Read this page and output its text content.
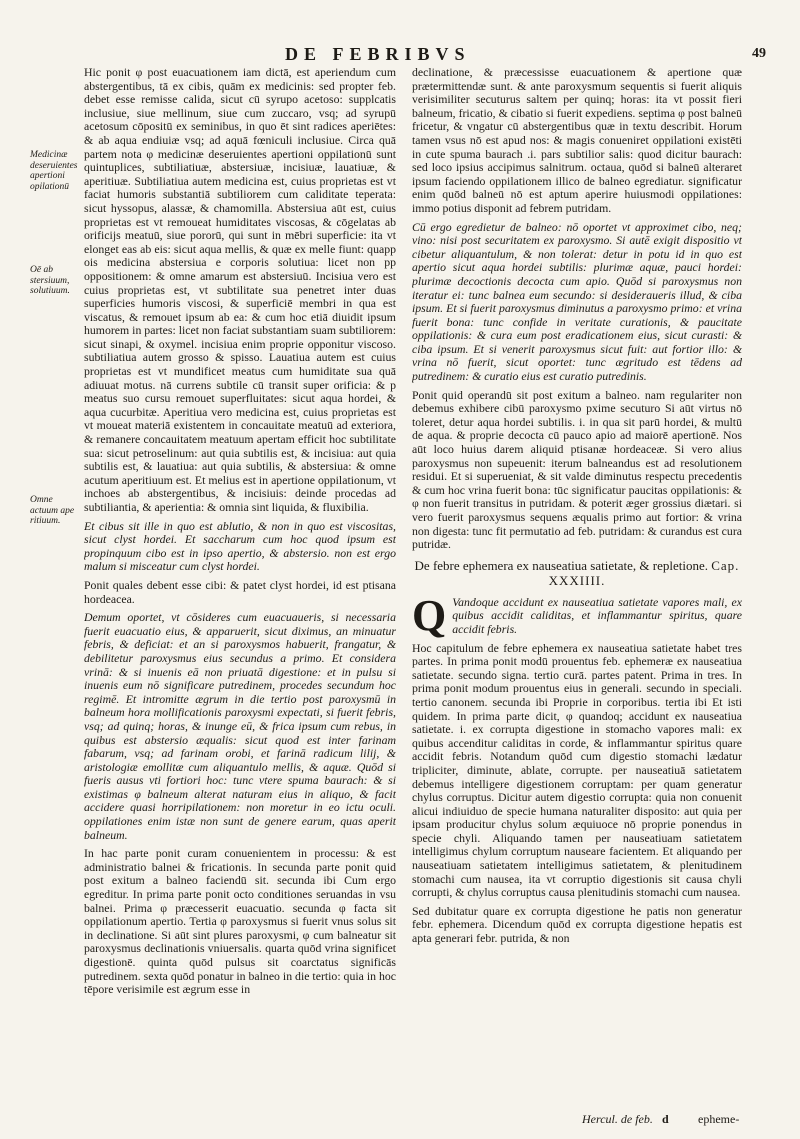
DE FEBRIBVS	49
Medicinæ deseruientes apertioni opilationū
Oē ab stersiuum, solutiuum.
Omne actuum ape ritiuum.

Hic ponit φ post euacuationem iam dictā, est aperiendum cum abstergentibus, tā ex cibis, quām ex medicinis: sed propter feb. debet esse remisse calida, sicut cū syrupo acetoso: supplcatis inclusiue, siue mellinum, siue cum zuccaro, vsq; ad syrupū acetosum cōpositū ex seminibus, in quo ēt sint radices aperiētes: & ab aqua endiuiæ vsq; ad aquā fœniculi inclusiue. Circa quā partem nota φ medicinæ deseruientes apertioni oppilationū sunt quintuplices, subtiliatiuæ, abstersiuæ, incisiuæ, lauatiuæ, & aperitiuæ. Subtiliatiua autem medicina est, cuius proprietas est vt faciat humoris substantiā subtiliorem cum caliditate teperata: sicut hyssopus, alassæ, & chamomilla. Abstersiua aūt est, cuius proprietas est vt remoueat humiditates viscosas, & cōgelatas ab orificijs meatuū, siue pororū, qui sunt in mēbri superficie: ita vt elonget eas ab eis: sicut aqua mellis, & quæ ex melle fiunt: quapp ois medicina abstersiua e corporis solutiua: licet non pp oppositionem: & omne amarum est abstersiuū. Incisiua vero est cuius proprietas est, vt subtilitate sua penetret inter duas superficies humoris viscosi, & superficiē membri in qua est viscatus, & remouet ipsum ab ea: & cum hoc etiā diuidit ipsum humorem in partes: licet non faciat substantiam suam subtiliorem: sicut sinapi, & oxymel. incisiua enim proprie opponitur viscoso. subtiliatiua autem grosso & spisso. Lauatiua autem est cuius proprietas est vt mundificet meatus cum humiditate sua quā adiuuat motus. nā currens subtile cū transit super orificia: & p meatus suo cursu remouet superfluitates: sicut aqua hordei, & aqua cucurbitæ. Aperitiua vero medicina est, cuius proprietas est vt moueat materiā existentem in concauitate meatuū ad exteriora, & remanere concauitatem meatuum apertam efficit hoc subtilitate sua: sicut petroselinum: aut quia subtilis est, & incisiua: aut quia subtilis est, & lauatiua: aut quia subtilis, & abstersiua: & omne acutum aperitiuum est. Et melius est in apertione oppilationum, vt inchoes ab abstergentibus, & incisiuis: deinde procedas ad subtiliantia, & aperientia: & omnia sint liquida, & fluxibilia.

Et cibus sit ille in quo est ablutio, & non in quo est viscositas, sicut clyst hordei. Et saccharum cum hoc quod ipsum est propinquum cibo est in ipso apertio, & abstersio. non est ergo malum si misceatur cum clyst hordei.

Ponit quales debent esse cibi: & patet clyst hordei, id est ptisana hordeacea.

Demum oportet, vt cōsideres cum euacuaueris, si necessaria fuerit euacuatio eius, & apparuerit, sicut diximus, an minuatur febris, & deficiat: et an si paroxysmos habuerit, frangatur, & debilitetur paroxysmus eius secundus a primo. Et considera vrinā: & si inuenis eā non priuatā digestione: et in pulsu si inuenis eum nō significare putredinem, procedes secundum hoc regimē. Et intromitte ægrum in die tertio post paroxysmū in balneum hora mollificationis paroxysmi expectati, si fuerit febris, vsq; ad quinq; horas, & inunge eū, & frica ipsum cum rebus, in quibus est abstersio æqualis: sicut quod est inter farinam fabarum, vsq; ad farinam orobi, et farinā radicum lilij, & aristologiæ emollitæ cum aliquantulo mellis, & aquæ. Quōd si fueris ausus vti fortiori hoc: tunc vtere spuma baurach: & si existimas φ balneum alterat naturam eius in aliquo, & facit accidere quasi horripilationem: non moretur in eo ictu oculi. oppilationes enim istæ non sunt de genere earum, quas aperit balneum.

In hac parte ponit curam conuenientem in processu: & est administratio balnei & fricationis. In secunda parte ponit quid post exitum a balneo faciendū sit. secunda ibi Cum ergo egreditur. In prima parte ponit octo conditiones seruandas in vsu balnei. Prima φ præcesserit euacuatio. secunda φ facta sit oppilationum apertio. Tertia φ paroxysmus si fuerit vnus solus sit in declinatione. Si aūt sint plures paroxysmi, φ cum balneatur sit paroxysmus declinationis vniuersalis. quarta quōd vrina significet digestionē. quinta quōd pulsus sit coarctatus significās putredinem. sexta quōd ponatur in balneo in die tertio: quia in hoc tēpore verisimile est ægrum esse in

declinatione, & præcessisse euacuationem & apertione quæ prætermittendæ sunt. & ante paroxysmum sequentis si fuerit aliquis verisimiliter secuturus saltem per quinq; horas: ita vt possit fieri balneum, fricatio, & cibatio si fuerit expediens. septima φ post balneū fricetur, & vngatur cū abstergentibus quæ in textu describit. Horum tamen vsus nō est apud nos: & magis conueniret oppilationi existēti in cute spuma baurach .i. pars subtilior salis: quod dicitur baurach: sed loco ipsius accipimus salnitrum. octaua, quōd si balneū alteraret ipsum faciendo oppilationem illico de balneo egrediatur. significatur enim quōd balneū nō est aptum aperire huiusmodi oppilationes: immo potius disponit ad febrem putridam.

Cū ergo egredietur de balneo: nō oportet vt approximet cibo, neq; vino: nisi post securitatem ex paroxysmo. Si autē exigit dispositio vt cibetur aliquantulum, & non tolerat: detur in potu id in quo est apertio sicut aqua hordei subtilis: plurimæ aquæ, pauci hordei: plurimæ decoctionis decocta cum apio. Quōd si paroxysmus non iteratur ei: tunc balnea eum secundo: si desideraueris illud, & ciba ipsum. Et si fuerit paroxysmus diminutus a paroxysmo primo: et vrina fuerit bona: tunc confide in veritate curationis, & paucitate oppilationis: & cura eum post eradicationem eius, sicut curasti: & ciba ipsum. Et si venerit paroxysmus sicut fuit: aut fortior illo: & vrina nō fuerit, sicut oportet: tunc ægritudo est tēdens ad putredinem: & curatio eius est curatio putredinis.

Ponit quid operandū sit post exitum a balneo. nam regulariter non debemus exhibere cibū paroxysmo pxime secuturo Si aūt virtus nō toleret, detur aqua hordei subtilis. i. in qua sit parū hordei, & multū de aqua. & proprie decocta cū pauco apio ad maiorē apertionē. Nos aūt loco huius darem aliquid ptisanæ hordeaceæ. Si vero alius paroxysmus non supeuenit: iterum balneandus est ad resolutionem residui. Et si superueniat, & sit valde diminutus respectu precedentis & cum hoc vrina fuerit bona: tūc significatur paucitas oppilationis: & φ non fuerit transitus in putridam. & poterit æger grossius diætari. si vero fuerit paroxysmus sequens æqualis primo aut fortior: & vrina non digesta: tunc fit permutatio ad feb. putridam: & curandus est cura putridæ.

De febre ephemera ex nauseatiua satietate, & repletione. Cap. XXXIIII.

Q Vandoque accidunt ex nauseatiua satietate vapores mali, ex quibus accidit caliditas, et inflammantur spiritus, quare accidit febris.

Hoc capitulum de febre ephemera ex nauseatiua satietate habet tres partes. In prima ponit modū prouentus feb. ephemeræ ex nauseatiua satietate. secundo signa. tertio curā. partes patent. Prima in tres. In prima ponit modum prouentus eius in generali. secundo in speciali. tertio canonem. secunda ibi Proprie in corporibus. tertia ibi Et isti quidem. In prima parte dicit, φ quandoq; accidunt ex nauseatiua satietate. i. ex corrupta digestione in stomacho vapores mali: ex quibus accenditur caliditas in corde, & inflammantur spiritus quare accidit febris. Notandum quōd cum digestio stomachi lædatur tripliciter, diminute, ablate, corrupte. per nauseatiuā satietatem debemus intelligere digestionem corruptam: per quam generatur chylus corruptus. Dicitur autem digestio corrupta: quia non conuenit alicui indiuiduo de specie humana naturaliter disposito: aut quia per ipsam producitur chylus solum æquiuoce nō proprie ponendus in specie chyli. Aliquando tamen per nauseatiuam satietatem intelligimus chylum corruptum nauseare facientem. Et aliquando per nauseatiuam satietatem intelligimus satietatem, & plenitudinem stomachi cum nausea, ita vt corruptio digestionis sit causa chyli corrupti, & chylus corruptus causa plenitudinis stomachi cum nausea.

Sed dubitatur quare ex corrupta digestione he patis non generatur febr. ephemera. Dicendum quōd ex corrupta digestione hepatis est apta generari febr. putrida, & non

Hercul. de feb. d epheme-
